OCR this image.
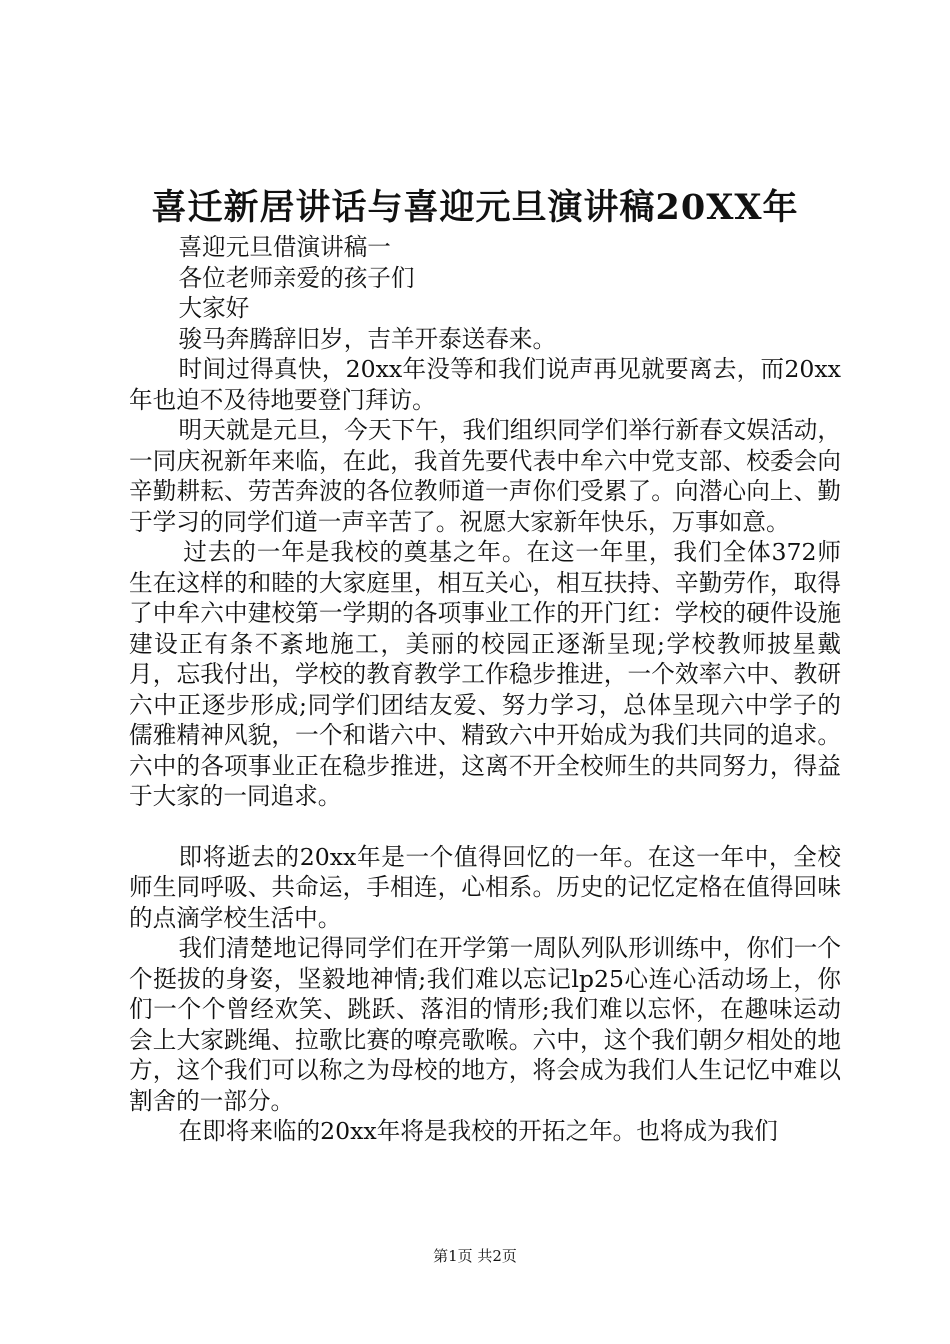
喜迁新居讲话与喜迎元旦演讲稿20XX年

喜迎元旦借演讲稿一

各位老师亲爱的孩子们

大家好

骏马奔腾辞旧岁，吉羊开泰送春来。

时间过得真快，20xx年没等和我们说声再见就要离去，而20xx年也迫不及待地要登门拜访。

明天就是元旦，今天下午，我们组织同学们举行新春文娱活动，一同庆祝新年来临，在此，我首先要代表中牟六中党支部、校委会向辛勤耕耘、劳苦奔波的各位教师道一声你们受累了。向潜心向上、勤于学习的同学们道一声辛苦了。祝愿大家新年快乐，万事如意。

过去的一年是我校的奠基之年。在这一年里，我们全体372师生在这样的和睦的大家庭里，相互关心，相互扶持、辛勤劳作，取得了中牟六中建校第一学期的各项事业工作的开门红：学校的硬件设施建设正有条不紊地施工，美丽的校园正逐渐呈现;学校教师披星戴月，忘我付出，学校的教育教学工作稳步推进，一个效率六中、教研六中正逐步形成;同学们团结友爱、努力学习，总体呈现六中学子的儒雅精神风貌，一个和谐六中、精致六中开始成为我们共同的追求。六中的各项事业正在稳步推进，这离不开全校师生的共同努力，得益于大家的一同追求。

即将逝去的20xx年是一个值得回忆的一年。在这一年中，全校师生同呼吸、共命运，手相连，心相系。历史的记忆定格在值得回味的点滴学校生活中。

我们清楚地记得同学们在开学第一周队列队形训练中，你们一个个挺拔的身姿，坚毅地神情;我们难以忘记lp25心连心活动场上，你们一个个曾经欢笑、跳跃、落泪的情形;我们难以忘怀，在趣味运动会上大家跳绳、拉歌比赛的嘹亮歌喉。六中，这个我们朝夕相处的地方，这个我们可以称之为母校的地方，将会成为我们人生记忆中难以割舍的一部分。

在即将来临的20xx年将是我校的开拓之年。也将成为我们

第1页 共2页
